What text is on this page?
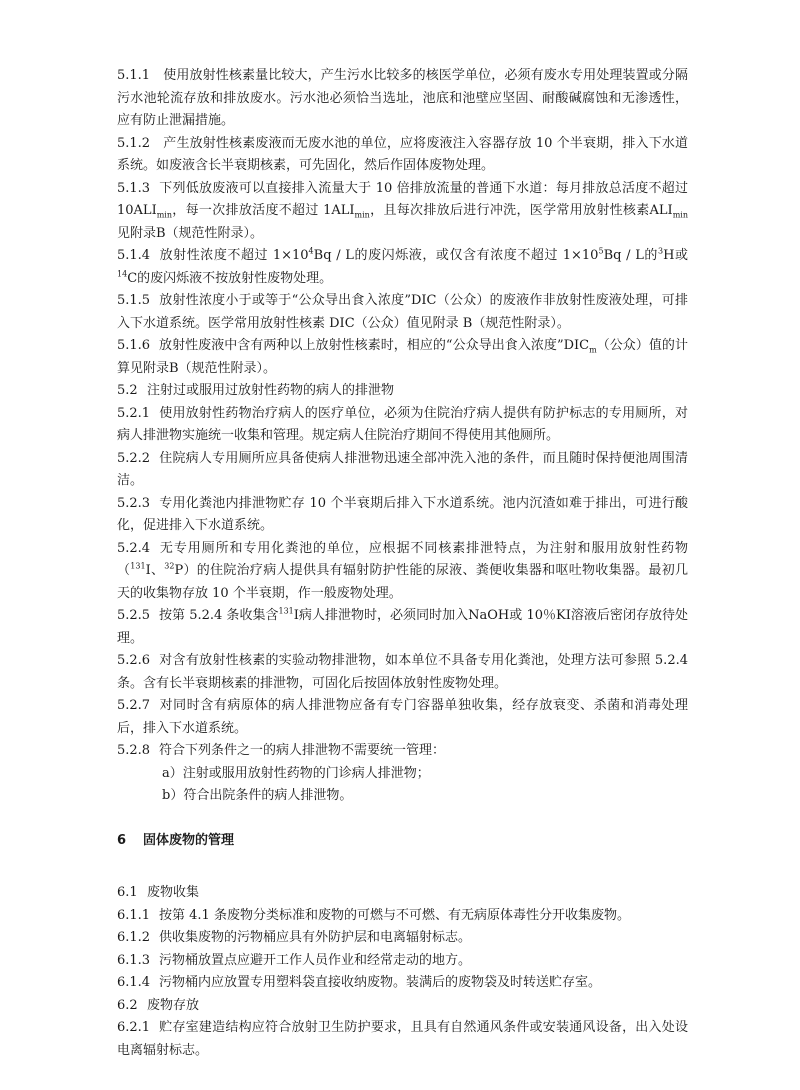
5.1.1 使用放射性核素量比较大，产生污水比较多的核医学单位，必须有废水专用处理装置或分隔污水池轮流存放和排放废水。污水池必须恰当选址，池底和池壁应坚固、耐酸碱腐蚀和无渗透性，应有防止泄漏措施。

5.1.2 产生放射性核素废液而无废水池的单位，应将废液注入容器存放 10 个半衰期，排入下水道系统。如废液含长半衰期核素，可先固化，然后作固体废物处理。

5.1.3 下列低放废液可以直接排入流量大于 10 倍排放流量的普通下水道：每月排放总活度不超过 $10ALI_{min}$，每一次排放活度不超过 $1ALI_{min}$，且每次排放后进行冲洗，医学常用放射性核素$ALI_{min}$见附录B（规范性附录）。

5.1.4 放射性浓度不超过 $1\times 10^4Bq / L$的废闪烁液，或仅含有浓度不超过 $1\times 10^5Bq / L$的$^3$H或$^{14}$C的废闪烁液不按放射性废物处理。

5.1.5 放射性浓度小于或等于“公众导出食入浓度”DIC（公众）的废液作非放射性废液处理，可排入下水道系统。医学常用放射性核素 DIC（公众）值见附录 B（规范性附录）。

5.1.6 放射性废液中含有两种以上放射性核素时，相应的“公众导出食入浓度$”DIC_m$（公众）值的计算见附录B（规范性附录）。

5.2 注射过或服用过放射性药物的病人的排泄物

5.2.1 使用放射性药物治疗病人的医疗单位，必须为住院治疗病人提供有防护标志的专用厕所，对病人排泄物实施统一收集和管理。规定病人住院治疗期间不得使用其他厕所。

5.2.2 住院病人专用厕所应具备使病人排泄物迅速全部冲洗入池的条件，而且随时保持便池周围清洁。

5.2.3 专用化粪池内排泄物贮存 10 个半衰期后排入下水道系统。池内沉渣如难于排出，可进行酸化，促进排入下水道系统。

5.2.4 无专用厕所和专用化粪池的单位，应根据不同核素排泄特点，为注射和服用放射性药物（$^{131}$I、$^{32}$P）的住院治疗病人提供具有辐射防护性能的尿液、粪便收集器和呕吐物收集器。最初几天的收集物存放 10 个半衰期，作一般废物处理。

5.2.5 按第 5.2.4 条收集含$^{131}$I病人排泄物时，必须同时加入NaOH或 10％KI溶液后密闭存放待处理。

5.2.6 对含有放射性核素的实验动物排泄物，如本单位不具备专用化粪池，处理方法可参照 5.2.4 条。含有长半衰期核素的排泄物，可固化后按固体放射性废物处理。

5.2.7 对同时含有病原体的病人排泄物应备有专门容器单独收集，经存放衰变、杀菌和消毒处理后，排入下水道系统。

5.2.8 符合下列条件之一的病人排泄物不需要统一管理：

a）注射或服用放射性药物的门诊病人排泄物；

b）符合出院条件的病人排泄物。

6 固体废物的管理

6.1 废物收集

6.1.1 按第 4.1 条废物分类标准和废物的可燃与不可燃、有无病原体毒性分开收集废物。

6.1.2 供收集废物的污物桶应具有外防护层和电离辐射标志。

6.1.3 污物桶放置点应避开工作人员作业和经常走动的地方。

6.1.4 污物桶内应放置专用塑料袋直接收纳废物。装满后的废物袋及时转送贮存室。

6.2 废物存放

6.2.1 贮存室建造结构应符合放射卫生防护要求，且具有自然通风条件或安装通风设备，出入处设电离辐射标志。
